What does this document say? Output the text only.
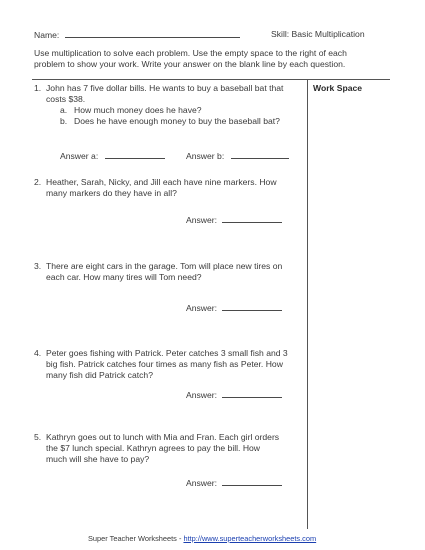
Name:	Skill: Basic Multiplication
Use multiplication to solve each problem. Use the empty space to the right of each
problem to show your work. Write your answer on the blank line by each question.
Work Space
1. John has 7 five dollar bills. He wants to buy a baseball bat that
costs $38.
a. How much money does he have?
b. Does he have enough money to buy the baseball bat?
Answer a:	Answer b:
2. Heather, Sarah, Nicky, and Jill each have nine markers. How
many markers do they have in all?
Answer:
3. There are eight cars in the garage. Tom will place new tires on
each car. How many tires will Tom need?
Answer:
4. Peter goes fishing with Patrick. Peter catches 3 small fish and 3
big fish. Patrick catches four times as many fish as Peter. How
many fish did Patrick catch?
Answer:
5. Kathryn goes out to lunch with Mia and Fran. Each girl orders
the $7 lunch special. Kathryn agrees to pay the bill. How
much will she have to pay?
Answer:
Super Teacher Worksheets - http://www.superteacherworksheets.com
